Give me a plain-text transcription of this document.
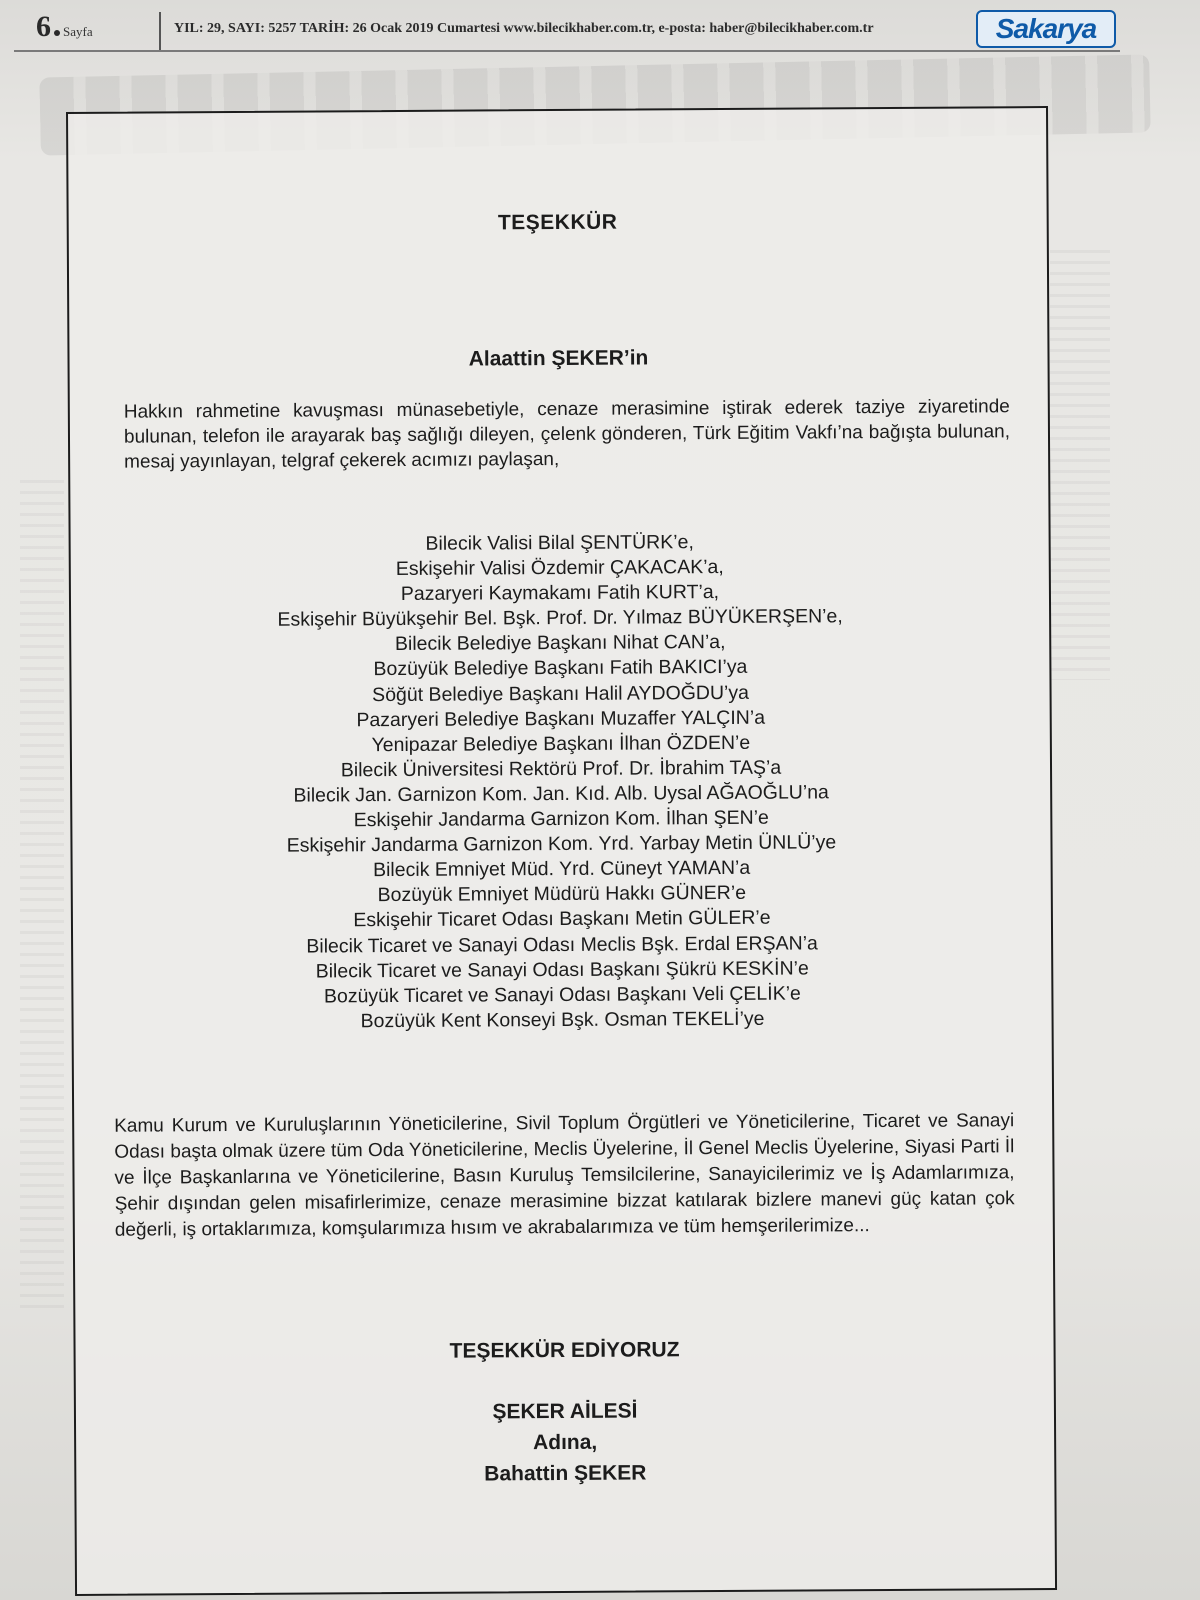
6 Sayfa	YIL: 29, SAYI: 5257 TARİH: 26 Ocak 2019 Cumartesi www.bilecikhaber.com.tr, e-posta: haber@bilecikhaber.com.tr	Sakarya
TEŞEKKÜR
Alaattin ŞEKER’in
Hakkın rahmetine kavuşması münasebetiyle, cenaze merasimine iştirak ederek taziye ziyaretinde bulunan, telefon ile arayarak baş sağlığı dileyen, çelenk gönderen, Türk Eğitim Vakfı’na bağışta bulunan, mesaj yayınlayan, telgraf çekerek acımızı paylaşan,
Bilecik Valisi Bilal ŞENTÜRK’e,
Eskişehir Valisi Özdemir ÇAKACAK’a,
Pazaryeri Kaymakamı Fatih KURT’a,
Eskişehir Büyükşehir Bel. Bşk. Prof. Dr. Yılmaz BÜYÜKERŞEN’e,
Bilecik Belediye Başkanı Nihat CAN’a,
Bozüyük Belediye Başkanı Fatih BAKICI’ya
Söğüt Belediye Başkanı Halil AYDOĞDU’ya
Pazaryeri Belediye Başkanı Muzaffer YALÇIN’a
Yenipazar Belediye Başkanı İlhan ÖZDEN’e
Bilecik Üniversitesi Rektörü Prof. Dr. İbrahim TAŞ’a
Bilecik Jan. Garnizon Kom. Jan. Kıd. Alb. Uysal AĞAOĞLU’na
Eskişehir Jandarma Garnizon Kom. İlhan ŞEN’e
Eskişehir Jandarma Garnizon Kom. Yrd. Yarbay Metin ÜNLÜ’ye
Bilecik Emniyet Müd. Yrd. Cüneyt YAMAN’a
Bozüyük Emniyet Müdürü Hakkı GÜNER’e
Eskişehir Ticaret Odası Başkanı Metin GÜLER’e
Bilecik Ticaret ve Sanayi Odası Meclis Bşk. Erdal ERŞAN’a
Bilecik Ticaret ve Sanayi Odası Başkanı Şükrü KESKİN’e
Bozüyük Ticaret ve Sanayi Odası Başkanı Veli ÇELİK’e
Bozüyük Kent Konseyi Bşk. Osman TEKELİ’ye
Kamu Kurum ve Kuruluşlarının Yöneticilerine, Sivil Toplum Örgütleri ve Yöneticilerine, Ticaret ve Sanayi Odası başta olmak üzere tüm Oda Yöneticilerine, Meclis Üyelerine, İl Genel Meclis Üyelerine, Siyasi Parti İl ve İlçe Başkanlarına ve Yöneticilerine, Basın Kuruluş Temsilcilerine, Sanayicilerimiz ve İş Adamlarımıza, Şehir dışından gelen misafirlerimize, cenaze merasimine bizzat katılarak bizlere manevi güç katan çok değerli, iş ortaklarımıza, komşularımıza hısım ve akrabalarımıza ve tüm hemşerilerimize...
TEŞEKKÜR EDİYORUZ
ŞEKER AİLESİ
Adına,
Bahattin ŞEKER
